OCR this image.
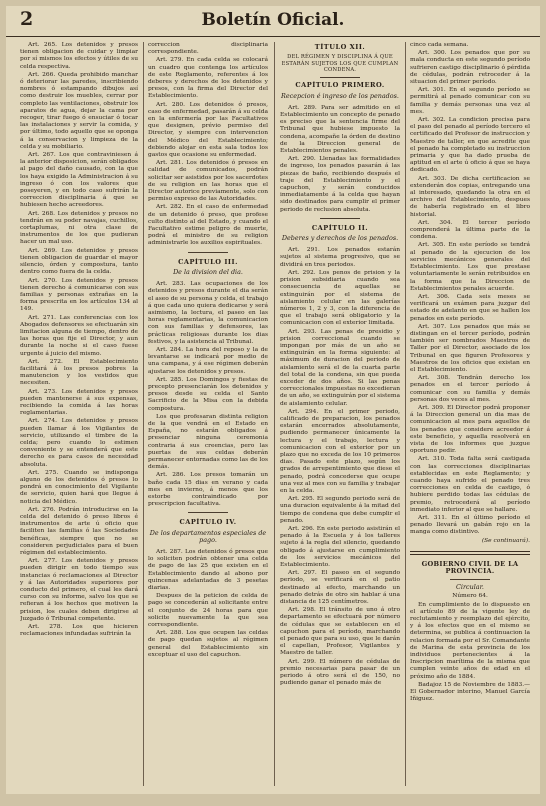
2	Boletín Oficial.

Art. 265. Los detenidos y presos tienen obligacion de cuidar y limpiar por sí mismos los efectos y útiles de su celda respectiva.

Art. 266. Queda prohibido manchar ó deteriorar las paredes, inscribiendo nombres ó estampando dibujos así como destruir los muebles, cerrar por completo las ventilaciones, obstruir los aparatos de agua, dejar la cama por recoger, tirar fuego ó ensuciar ó tocar las instalaciones y servir la comida, y por último, todo aquello que se oponga á la conservacion y limpieza de la celda y su mobiliario.

Art. 267. Los que contraviniesen á la anterior disposicion, serán obligados al pago del daño causado, con la que los haya exigido la Administracion á su ingreso ó con los valores que poseyeren, y en todo caso sufrirán la correccion disciplinaria á que se hubiesen hecho acreedores.

Art. 268. Los detenidos y presos no tendrán en su poder navajas, cuchillos, cortaplumas, ni otra clase de instrumentos de los que pudieran hacer un mal uso.

Art. 269. Los detenidos y presos tienen obligacion de guardar el mayor silencio, órden y compostura, tanto dentro como fuera de la celda.

Art. 270. Los detenidos y presos tienen derecho á comunicarse con sus familias y personas extrañas en la forma prescrita en los artículos 134 al 149.

Art. 271. Las conferencias con los Abogados defensores se efectuarán sin limitacion alguna de tiempo, dentro de las horas que fije el Director, y aun durante la noche si el caso fuese urgente á juicio del mismo.

Art. 272. El Establecimiento facilitará á los presos pobres la manutencion y los vestidos que necesiten.

Art. 273. Los detenidos y presos pueden mantenerse á sus expensas, recibiendo la comida á las horas reglamentarias.

Art. 274. Los detenidos y presos pueden llamar á los Vigilantes de servicio, utilizando el timbre de la celda; pero cuando lo estimen conveniente y se entenderá que este derecho es para casos de necesidad absoluta.

Art. 275. Cuando se indisponga alguno de los detenidos ó presos lo pondrá en conocimiento del Vigilante de servicio, quien hará que llegue á noticia del Médico.

Art. 276. Podrán introducirse en la celda del detenido ó preso libros é instrumentos de arte ú oficio que faciliten las familias ó las Sociedades benéficas, siempre que no se consideren perjudiciales para el buen régimen del establecimiento.

Art. 277. Los detenidos y presos pueden dirigir en todo tiempo sus instancias ó reclamaciones al Director y á las Autoridades superiores por conducto del primero, el cual les dará curso con su informe, salvo los que se refieran á los hechos que motiven la prision, los cuales deben dirigirse al Juzgado ó Tribunal competente.

Art. 278. Los que hicieren reclamaciones infundadas sufrirán la

correccion disciplinaria correspondiente.

Art. 279. En cada celda se colocará un cuadro que contenga los artículos de este Reglamento, referentes á los deberes y derechos de los detenidos y presos, con la firma del Director del Establecimiento.

Art. 280. Los detenidos ó presos, caso de enfermedad, pasarán á su celda en la enfermería por las Facultativos que designen, prévio permiso del Director, y siempre con intervencion del Médico del Establecimiento; debiendo alojar en esta sala todos los gastos que ocasione su enfermedad.

Art. 281. Los detenidos ó presos en calidad de comunicados, podrán solicitar ser asistidos por los sacerdotes de su religion en las horas que el Director autorice previamente, solo con permiso expreso de las Autoridades.

Art. 282. En el caso de enfermedad de un detenido ó preso, que profese culto distinto al del Estado, y cuando el Facultativo estime peligro de muerte, podrá el ministro de su religion administrarle los auxilios espirituales.

CAPÍTULO III.
De la division del dia.

Art. 283. Las ocupaciones de los detenidos y presos durante el dia serán el aseo de su persona y celda, el trabajo á que cada uno quiera dedicarse y será asimismo, la lectura, el paseo en las horas reglamentarias, la comunicacion con sus familias y defensores, las prácticas religiosas durante los dias festivos, y la asistencia al Tribunal.

Art. 284. La hora del reposo y la de levantarse se indicará por medio de una campana, y á ese régimen deberán ajustarse los detenidos y presos.

Art. 285. Los Domingos y fiestas de precepto presenciarán los detenidos y presos desde su celda el Santo Sacrificio de la Misa con la debida compostura.

Los que profesaran distinta religion de la que vendrá en el Estado en España, no estarán obligados á presenciar ninguna ceremonia contraria á sus creencias, pero las puertas de sus celdas deberán permanecer entornadas como las de los demás.

Art. 286. Los presos tomarán un baño cada 15 dias en verano y cada mes en invierno, á menos que los estorbe contraindicado por prescripcion facultativa.

CAPÍTULO IV.
De los departamentos especiales de pago.

Art. 287. Los detenidos ó presos que lo soliciten podrán obtener una celda de pago de las 25 que existen en el Establecimiento dando al abono por quincenas adelantadas de 3 pesetas diarias.

Despues de la peticion de celda de pago se concederán al solicitante entre el conjunto de 24 horas para que solicite nuevamente la que sea correspondiente.

Art. 288. Los que ocupen las celdas de pago quedan sujetos al régimen general del Establecimiento sin exceptuar el uso del capuchon.

TÍTULO XII.
DEL RÉGIMEN Y DISCIPLINA Á QUE ESTARÁN SUJETOS LOS QUE CUMPLAN CONDENA.
CAPÍTULO PRIMERO.
Recepcion é ingreso de los penados.

Art. 289. Para ser admitido en el Establecimiento un concepto de penado es preciso que la sentencia firme del Tribunal que hubiese impuesto la condena, acompañe la órden de destino de la Direccion general de Establecimientos penales.

Art. 290. Llenadas las formalidades de ingreso, los penados pasarán á las piezas de baño, recibiendo después el traje del Establecimiento y el capuchon, y serán conducidos inmediatamente á la celda que hayan sido destinados para cumplir el primer periodo de reclusion absoluta.

CAPÍTULO II.
Deberes y derechos de los penados.

Art. 291. Los penados estarán sujetos al sistema progresivo, que se dividirá en tres periodos.

Art. 292. Los penos de prision y la prision subsidiaria cuando sea consecuencia de aquellas se extinguirán por el sistema de aislamiento celular en las galerías números 1, 2 y 3, con la diferencia de que el trabajo será obligatorio y la comunicacion con el exterior limitada.

Art. 293. Las penas de presidio y prision correccional cuando se impongan por más de un año se extinguirán en la forma siguiente: al máximum de duracion del periodo de aislamiento será el de la cuarta parte del total de la condena, sin que pueda exceder de dos años. Si las penas correccionales impuestas no excedieran de un año, se extinguirán por el sistema de aislamiento celular.

Art. 294. En el primer periodo, calificado de preparacion, los penados estarán encerrados absolutamente, pudiendo permanecer únicamente la lectura y el trabajo, lectura y comunicacion con el exterior por un plazo que no exceda de los 10 primeros dias. Pasado este plazo, según los grados de arrepentimiento que diese el penado, podrá concederse que ocupe una vez al mes con su familia y trabajar en la celda.

Art. 295. El segundo periodo será de una duracion equivalente á la mitad del tiempo de condena que debe cumplir el penado.

Art. 296. En este periodo asistirán el penado á la Escuela y á los talleres sujeto á la regla del silencio, quedando obligado á ajustarse en cumplimiento de los servicios mecánicos del Establecimiento.

Art. 297. El paseo en el segundo periodo, se verificará en el patio destinado al efecto, marchando un penado detrás de otro sin hablar á una distancia de 125 centímetros.

Art. 298. El tránsito de uno á otro departamento se efectuará por número de cédulas que se establecen en el capuchon para el período, marchando el penado que para su uso, que le darán el capellan, Profesor, Vigilantes y Maestro de taller.

Art. 299. El número de cédulas de premio necesarias para pasar de un periodo á otro será el de 150, no pudiendo ganar el penado más de

cinco cada semana.

Art. 300. Los penados que por su mala conducta en este segundo período sufrieren castigo disciplinario ó pérdida de cédulas, podrán retroceder á la situacion del primer período.

Art. 301. En el segundo período se permitirá al penado comunicar con su familia y demás personas una vez al mes.

Art. 302. La condicion precisa para el paso del penado al período tercero el certificado del Profesor de instruccion y Maestro de taller, en que acredite que el penado ha completado su instruccion primaria y que ha dado prueba de aptitud en el arte ú oficio á que se haya dedicado.

Art. 303. De dicha certificacion se extenderán dos copias, entregando una al interesado, quedando la otra en el archivo del Establecimiento, despues de haberla registrado en el libro historial.

Art. 304. El tercer período comprenderá la última parte de la condena.

Art. 305. En este período se tendrá al penado de la ejecucion de los servicios mecánicos generales del Establecimiento. Los que prestase voluntariamente le serán retribuidos en la forma que la Direccion de Establecimientos penales acuerde.

Art. 306. Cada seis meses se verificará un exámen para juzgar del estado de adelanto en que se hallen los penados en este período.

Art. 307. Los penados que más se distingan en el tercer período, podrán también ser nombrados Maestros de Taller por el Director, asociado de los Tribunal en que figuren Profesores y Maestros de los oficios que existan en el Establecimiento.

Art. 308. Tendrán derecho los penados en el tercer período á comunicar con su familia y demás personas dos veces al mes.

Art. 309. El Director podrá proponer á la Direccion general un dia mas de comunicacion al mes para aquellos de los penados que considere acreedor á este beneficio, y aquella resolverá en vista de los informes que juzgue oportuno pedir.

Art. 310. Toda falta será castigada con las correcciones disciplinarias establecidas en este Reglamento; y cuando haya sufrido el penado tres correcciones en celda de castigo, ó hubiere perdido todas las cédulas de premio, retrocederá al período inmediato inferior al que se hallare.

Art. 311. En el último período el penado llevará un gabán rojo en la manga como distintivo.

(Se continuará).

GOBIERNO CIVIL DE LA PROVINCIA.
Circular.

Número 64.

En cumplimiento de lo dispuesto en el artículo 89 de la vigente ley de reclutamiento y reemplazo del ejército, y á los efectos que en el mismo se determina, se publica á continuacion la relacion formada por el Sr. Comandante de Marina de esta provincia de los individuos pertenecientes á la Inscripcion marítima de la misma que cumplen veinte años de edad en el próximo año de 1884.

Badajoz 15 de Noviembre de 1883.— El Gobernador interino, Manuel García Iñiguez.
